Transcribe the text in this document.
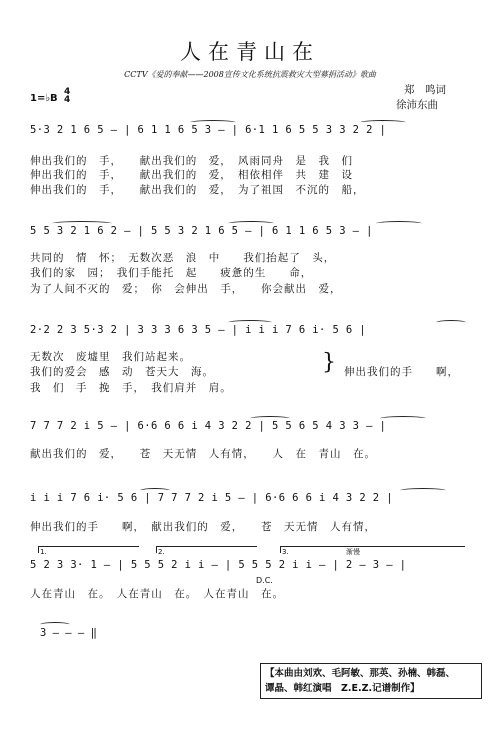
人在青山在
CCTV《爱的奉献——2008宣传文化系统抗震救灾大型募捐活动》歌曲
郑　鸣词
徐沛东曲
1=♭B
4
4
5·3 2 1 6 5 – | 6 1 1 6 5 3 – | 6·1 1 6 5 5 3 3 2 2 |
伸出我们的　手，　　献出我们的　爱，　风雨同舟　是　我　们
伸出我们的　手，　　献出我们的　爱，　相依相伴　共　建　设
伸出我们的　手，　　献出我们的　爱，　为了祖国　不沉的　船，
5 5 3 2 1 6 2 – | 5 5 3 2 1 6 5 – | 6 1 1 6 5 3 – |
共同的　情　怀；　无数次恶　浪　中　　我们抬起了　头，
我们的家　园；　我们手能托　起　　疲惫的生　　命，
为了人间不灭的　爱；　你　会伸出　手，　　你会献出　爱，
2·2 2 3 5·3 2 | 3 3 3 6 3 5 – | i i i 7 6 i· 5 6 |
无数次　废墟里　我们站起来。
我们的爱会　感　动　苍天大　海。
我　们　手　挽　手，　我们肩并　肩。
} 伸出我们的手　　啊，
7 7 7 2 i 5 – | 6·6 6 6 i 4 3 2 2 | 5 5 6 5 4 3 3 – |
献出我们的　爱，　　苍　天无情　人有情，　　人　在　青山　在。
i i i 7 6 i· 5 6 | 7 7 7 2 i 5 – | 6·6 6 6 i 4 3 2 2 |
伸出我们的手　　啊，　献出我们的　爱，　　苍　天无情　人有情，
1.	2.	3.	渐慢
5 2 3 3· 1 – | 5 5 5 2 i i – | 5 5 5 2 i i – | 2 – 3 – |
D.C.
人在青山　在。　人在青山　在。　人在青山　在。
3 – – – ‖
【本曲由刘欢、毛阿敏、那英、孙楠、韩磊、
谭晶、韩红演唱　Z.E.Z.记谱制作】
